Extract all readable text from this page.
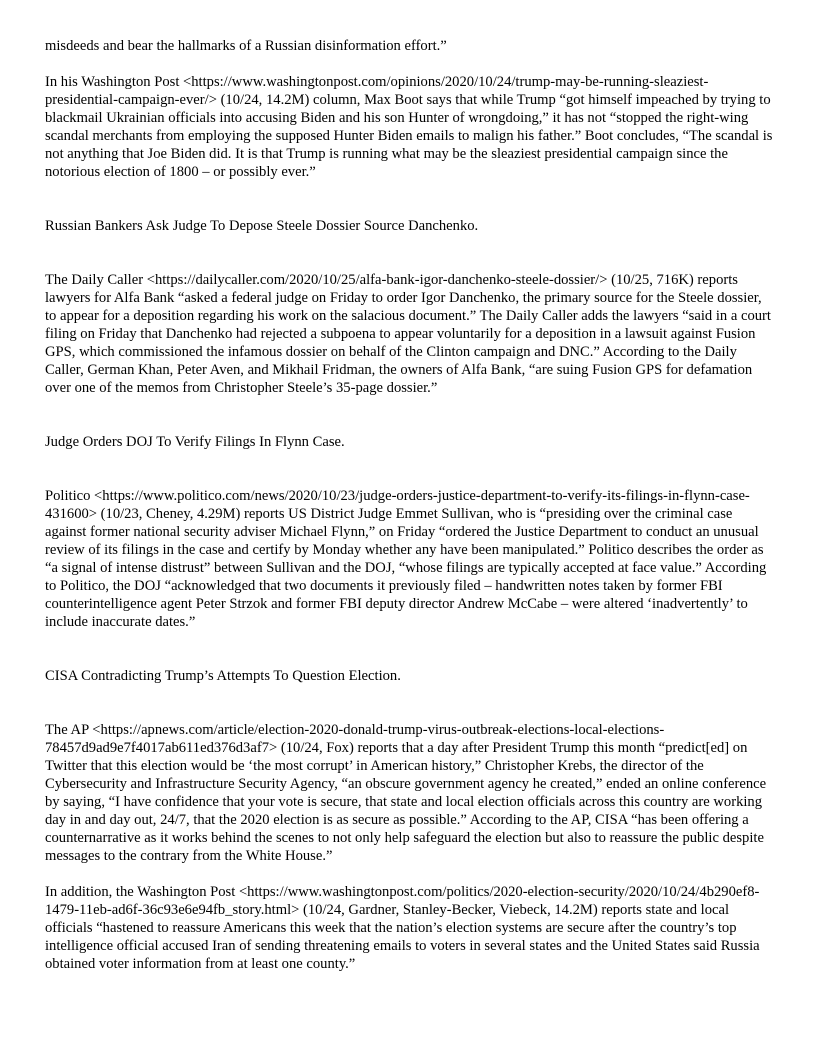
misdeeds and bear the hallmarks of a Russian disinformation effort.”

In his Washington Post <https://www.washingtonpost.com/opinions/2020/10/24/trump-may-be-running-sleaziest-presidential-campaign-ever/> (10/24, 14.2M) column, Max Boot says that while Trump “got himself impeached by trying to blackmail Ukrainian officials into accusing Biden and his son Hunter of wrongdoing,” it has not “stopped the right-wing scandal merchants from employing the supposed Hunter Biden emails to malign his father.” Boot concludes, “The scandal is not anything that Joe Biden did. It is that Trump is running what may be the sleaziest presidential campaign since the notorious election of 1800 – or possibly ever.”

Russian Bankers Ask Judge To Depose Steele Dossier Source Danchenko.

The Daily Caller <https://dailycaller.com/2020/10/25/alfa-bank-igor-danchenko-steele-dossier/> (10/25, 716K) reports lawyers for Alfa Bank “asked a federal judge on Friday to order Igor Danchenko, the primary source for the Steele dossier, to appear for a deposition regarding his work on the salacious document.” The Daily Caller adds the lawyers “said in a court filing on Friday that Danchenko had rejected a subpoena to appear voluntarily for a deposition in a lawsuit against Fusion GPS, which commissioned the infamous dossier on behalf of the Clinton campaign and DNC.” According to the Daily Caller, German Khan, Peter Aven, and Mikhail Fridman, the owners of Alfa Bank, “are suing Fusion GPS for defamation over one of the memos from Christopher Steele’s 35-page dossier.”

Judge Orders DOJ To Verify Filings In Flynn Case.

Politico <https://www.politico.com/news/2020/10/23/judge-orders-justice-department-to-verify-its-filings-in-flynn-case-431600> (10/23, Cheney, 4.29M) reports US District Judge Emmet Sullivan, who is “presiding over the criminal case against former national security adviser Michael Flynn,” on Friday “ordered the Justice Department to conduct an unusual review of its filings in the case and certify by Monday whether any have been manipulated.” Politico describes the order as “a signal of intense distrust” between Sullivan and the DOJ, “whose filings are typically accepted at face value.” According to Politico, the DOJ “acknowledged that two documents it previously filed – handwritten notes taken by former FBI counterintelligence agent Peter Strzok and former FBI deputy director Andrew McCabe – were altered ‘inadvertently’ to include inaccurate dates.”

CISA Contradicting Trump’s Attempts To Question Election.

The AP <https://apnews.com/article/election-2020-donald-trump-virus-outbreak-elections-local-elections-78457d9ad9e7f4017ab611ed376d3af7> (10/24, Fox) reports that a day after President Trump this month “predict[ed] on Twitter that this election would be ‘the most corrupt’ in American history,” Christopher Krebs, the director of the Cybersecurity and Infrastructure Security Agency, “an obscure government agency he created,” ended an online conference by saying, “I have confidence that your vote is secure, that state and local election officials across this country are working day in and day out, 24/7, that the 2020 election is as secure as possible.” According to the AP, CISA “has been offering a counternarrative as it works behind the scenes to not only help safeguard the election but also to reassure the public despite messages to the contrary from the White House.”

In addition, the Washington Post <https://www.washingtonpost.com/politics/2020-election-security/2020/10/24/4b290ef8-1479-11eb-ad6f-36c93e6e94fb_story.html> (10/24, Gardner, Stanley-Becker, Viebeck, 14.2M) reports state and local officials “hastened to reassure Americans this week that the nation’s election systems are secure after the country’s top intelligence official accused Iran of sending threatening emails to voters in several states and the United States said Russia obtained voter information from at least one county.”
